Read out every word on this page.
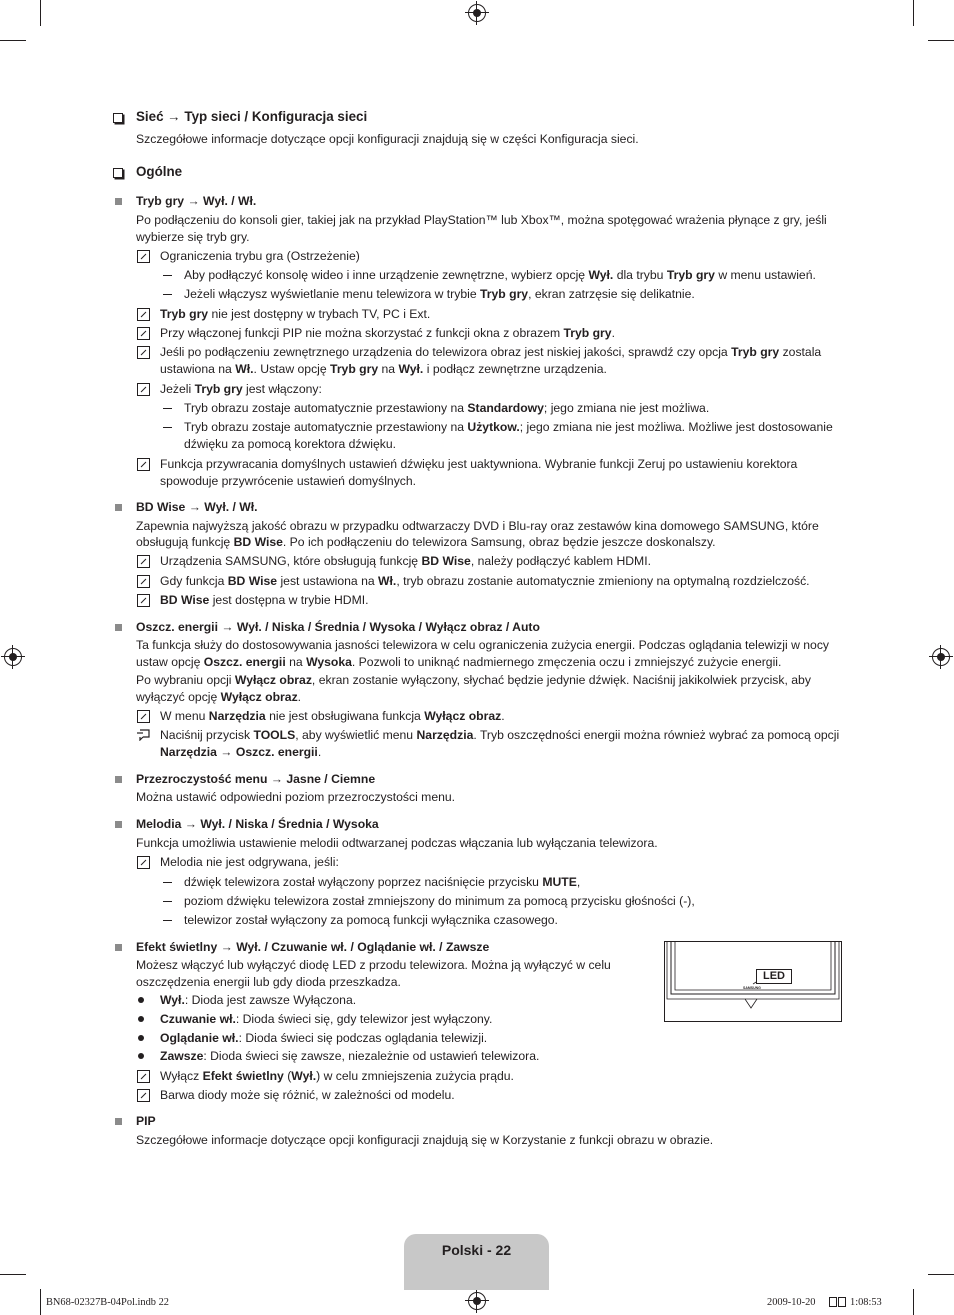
Sieć → Typ sieci / Konfiguracja sieci
Szczegółowe informacje dotyczące opcji konfiguracji znajdują się w części Konfiguracja sieci.
Ogólne
Tryb gry → Wył. / Wł.
Po podłączeniu do konsoli gier, takiej jak na przykład PlayStation™ lub Xbox™, można spotęgować wrażenia płynące z gry, jeśli
wybierze się tryb gry.
Ograniczenia trybu gra (Ostrzeżenie)
Aby podłączyć konsolę wideo i inne urządzenie zewnętrzne, wybierz opcję Wył. dla trybu Tryb gry w menu ustawień.
Jeżeli włączysz wyświetlanie menu telewizora w trybie Tryb gry, ekran zatrzęsie się delikatnie.
Tryb gry nie jest dostępny w trybach TV, PC i Ext.
Przy włączonej funkcji PIP nie można skorzystać z funkcji okna z obrazem Tryb gry.
Jeśli po podłączeniu zewnętrznego urządzenia do telewizora obraz jest niskiej jakości, sprawdź czy opcja Tryb gry zostala
ustawiona na Wł.. Ustaw opcję Tryb gry na Wył. i podłącz zewnętrzne urządzenia.
Jeżeli Tryb gry jest włączony:
Tryb obrazu zostaje automatycznie przestawiony na Standardowy; jego zmiana nie jest możliwa.
Tryb obrazu zostaje automatycznie przestawiony na Użytkow.; jego zmiana nie jest możliwa. Możliwe jest dostosowanie
dźwięku za pomocą korektora dźwięku.
Funkcja przywracania domyślnych ustawień dźwięku jest uaktywniona. Wybranie funkcji Zeruj po ustawieniu korektora
spowoduje przywrócenie ustawień domyślnych.
BD Wise → Wył. / Wł.
Zapewnia najwyższą jakość obrazu w przypadku odtwarzaczy DVD i Blu-ray oraz zestawów kina domowego SAMSUNG, które
obsługują funkcję BD Wise. Po ich podłączeniu do telewizora Samsung, obraz będzie jeszcze doskonalszy.
Urządzenia SAMSUNG, które obsługują funkcję BD Wise, należy podłączyć kablem HDMI.
Gdy funkcja BD Wise jest ustawiona na Wł., tryb obrazu zostanie automatycznie zmieniony na optymalną rozdzielczość.
BD Wise jest dostępna w trybie HDMI.
Oszcz. energii → Wył. / Niska / Średnia / Wysoka / Wyłącz obraz / Auto
Ta funkcja służy do dostosowywania jasności telewizora w celu ograniczenia zużycia energii. Podczas oglądania telewizji w nocy
ustaw opcję Oszcz. energii na Wysoka. Pozwoli to uniknąć nadmiernego zmęczenia oczu i zmniejszyć zużycie energii.
Po wybraniu opcji Wyłącz obraz, ekran zostanie wyłączony, słychać będzie jedynie dźwięk. Naciśnij jakikolwiek przycisk, aby
wyłączyć opcję Wyłącz obraz.
W menu Narzędzia nie jest obsługiwana funkcja Wyłącz obraz.
Naciśnij przycisk TOOLS, aby wyświetlić menu Narzędzia. Tryb oszczędności energii można również wybrać za pomocą opcji
Narzędzia → Oszcz. energii.
Przezroczystość menu → Jasne / Ciemne
Można ustawić odpowiedni poziom przezroczystości menu.
Melodia → Wył. / Niska / Średnia / Wysoka
Funkcja umożliwia ustawienie melodii odtwarzanej podczas włączania lub wyłączania telewizora.
Melodia nie jest odgrywana, jeśli:
dźwięk telewizora został wyłączony poprzez naciśnięcie przycisku MUTE,
poziom dźwięku telewizora został zmniejszony do minimum za pomocą przycisku głośności (-),
telewizor został wyłączony za pomocą funkcji wyłącznika czasowego.
Efekt świetlny → Wył. / Czuwanie wł. / Oglądanie wł. / Zawsze
Możesz włączyć lub wyłączyć diodę LED z przodu telewizora. Można ją wyłączyć w celu
oszczędzenia energii lub gdy dioda przeszkadza.
Wył.: Dioda jest zawsze Wyłączona.
Czuwanie wł.: Dioda świeci się, gdy telewizor jest wyłączony.
Oglądanie wł.: Dioda świeci się podczas oglądania telewizji.
Zawsze: Dioda świeci się zawsze, niezależnie od ustawień telewizora.
Wyłącz Efekt świetlny (Wył.) w celu zmniejszenia zużycia prądu.
Barwa diody może się różnić, w zależności od modelu.
SAMSUNG
LED
PIP
Szczegółowe informacje dotyczące opcji konfiguracji znajdują się w Korzystanie z funkcji obrazu w obrazie.
Polski - 22
BN68-02327B-04Pol.indb 22	2009-10-20	1:08:53
